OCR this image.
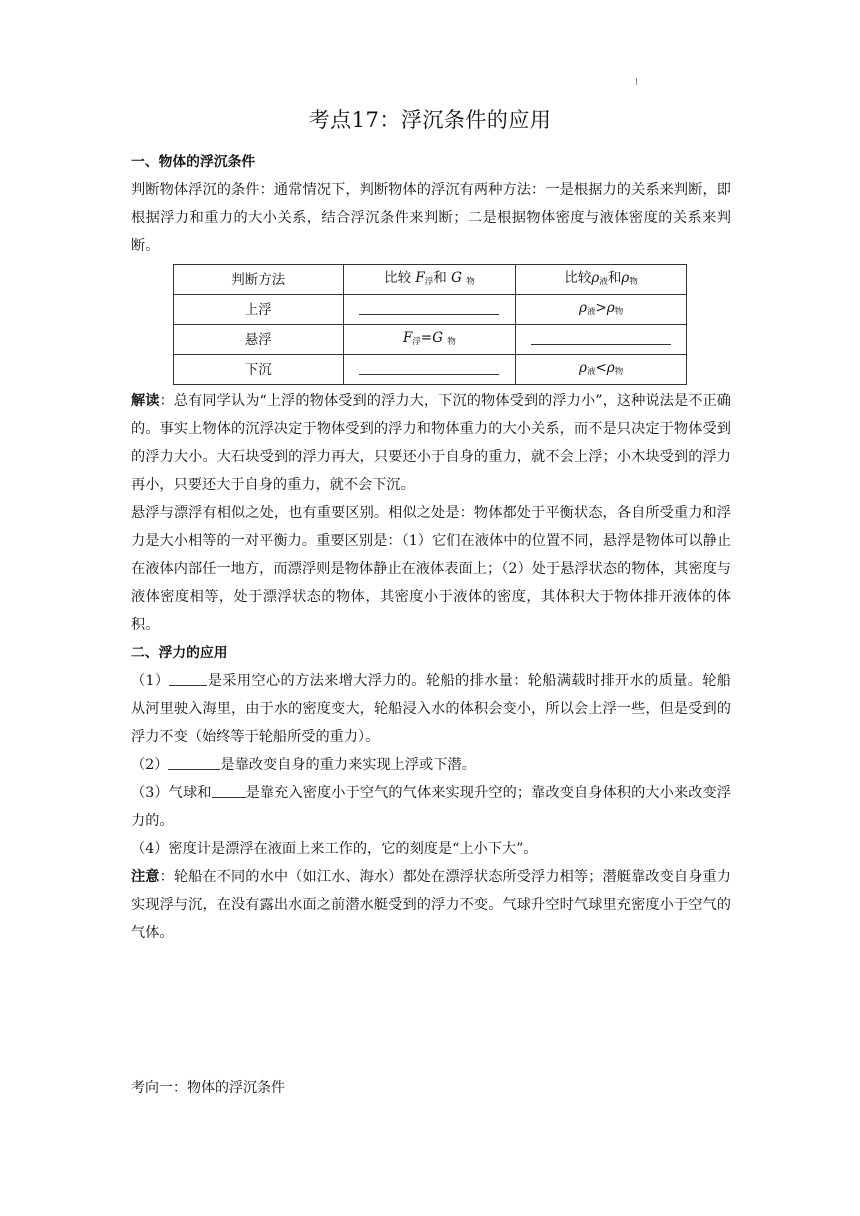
考点17：浮沉条件的应用
一、物体的浮沉条件

判断物体浮沉的条件：通常情况下，判断物体的浮沉有两种方法：一是根据力的关系来判断，即根据浮力和重力的大小关系，结合浮沉条件来判断；二是根据物体密度与液体密度的关系来判断。

判断方法	比较 $F_浮$和 G $_物$	比较$\rho_液$和$\rho_物$
上浮		$\rho_液>\rho_物$
悬浮	$F_浮=G$ $_物$	
下沉		$\rho_液<\rho_物$

解读：总有同学认为“上浮的物体受到的浮力大，下沉的物体受到的浮力小”，这种说法是不正确的。事实上物体的沉浮决定于物体受到的浮力和物体重力的大小关系，而不是只决定于物体受到的浮力大小。大石块受到的浮力再大，只要还小于自身的重力，就不会上浮；小木块受到的浮力再小，只要还大于自身的重力，就不会下沉。

悬浮与漂浮有相似之处，也有重要区别。相似之处是：物体都处于平衡状态，各自所受重力和浮力是大小相等的一对平衡力。重要区别是：（1）它们在液体中的位置不同，悬浮是物体可以静止在液体内部任一地方，而漂浮则是物体静止在液体表面上；（2）处于悬浮状态的物体，其密度与液体密度相等，处于漂浮状态的物体，其密度小于液体的密度，其体积大于物体排开液体的体积。

二、浮力的应用

（1）	是采用空心的方法来增大浮力的。轮船的排水量：轮船满载时排开水的质量。轮船从河里驶入海里，由于水的密度变大，轮船浸入水的体积会变小，所以会上浮一些，但是受到的浮力不变（始终等于轮船所受的重力）。

（2）	是靠改变自身的重力来实现上浮或下潜。

（3）气球和 是靠充入密度小于空气的气体来实现升空的；靠改变自身体积的大小来改变浮力的。

（4）密度计是漂浮在液面上来工作的，它的刻度是“上小下大”。

注意：轮船在不同的水中（如江水、海水）都处在漂浮状态所受浮力相等；潜艇靠改变自身重力实现浮与沉，在没有露出水面之前潜水艇受到的浮力不变。气球升空时气球里充密度小于空气的气体。

考向一：物体的浮沉条件
